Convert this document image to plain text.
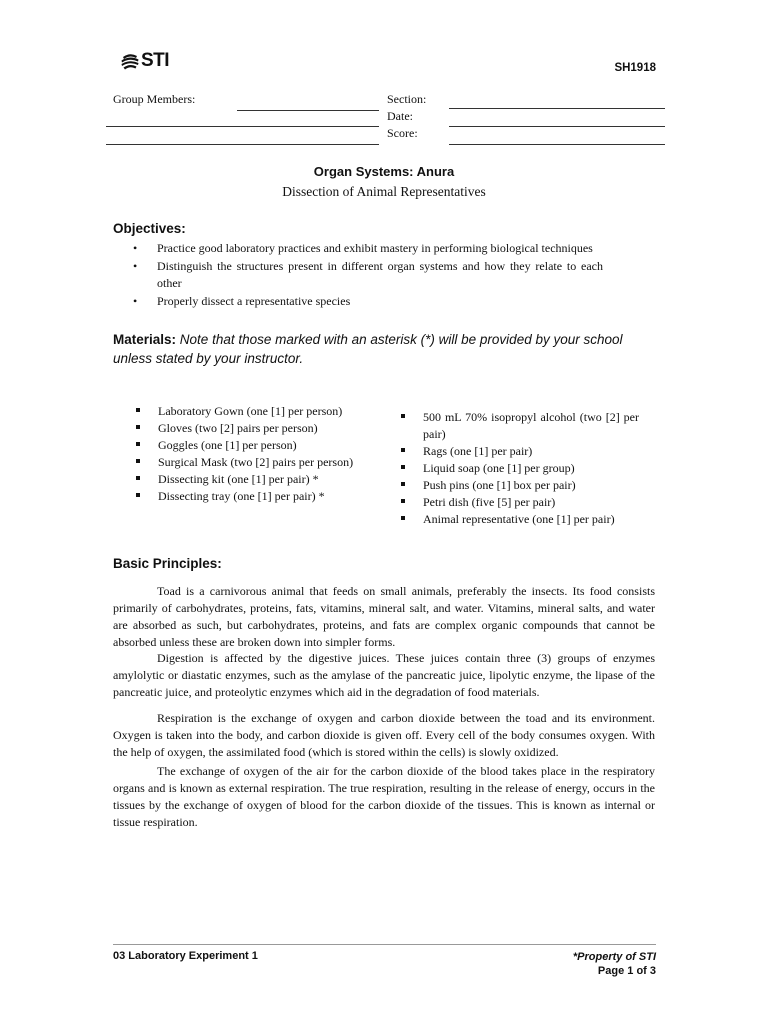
STI	SH1918
Group Members:	Section:
Date:
Score:
Organ Systems: Anura
Dissection of Animal Representatives
Objectives:
• Practice good laboratory practices and exhibit mastery in performing biological techniques
• Distinguish the structures present in different organ systems and how they relate to each other
• Properly dissect a representative species
Materials: Note that those marked with an asterisk (*) will be provided by your school unless stated by your instructor.
Laboratory Gown (one [1] per person)
Gloves (two [2] pairs per person)
Goggles (one [1] per person)
Surgical Mask (two [2] pairs per person)
Dissecting kit (one [1] per pair) *
Dissecting tray (one [1] per pair) *
500 mL 70% isopropyl alcohol (two [2] per pair)
Rags (one [1] per pair)
Liquid soap (one [1] per group)
Push pins (one [1] box per pair)
Petri dish (five [5] per pair)
Animal representative (one [1] per pair)
Basic Principles:

Toad is a carnivorous animal that feeds on small animals, preferably the insects. Its food consists primarily of carbohydrates, proteins, fats, vitamins, mineral salt, and water. Vitamins, mineral salts, and water are absorbed as such, but carbohydrates, proteins, and fats are complex organic compounds that cannot be absorbed unless these are broken down into simpler forms.

Digestion is affected by the digestive juices. These juices contain three (3) groups of enzymes amylolytic or diastatic enzymes, such as the amylase of the pancreatic juice, lipolytic enzyme, the lipase of the pancreatic juice, and proteolytic enzymes which aid in the degradation of food materials.

Respiration is the exchange of oxygen and carbon dioxide between the toad and its environment. Oxygen is taken into the body, and carbon dioxide is given off. Every cell of the body consumes oxygen. With the help of oxygen, the assimilated food (which is stored within the cells) is slowly oxidized.

The exchange of oxygen of the air for the carbon dioxide of the blood takes place in the respiratory organs and is known as external respiration. The true respiration, resulting in the release of energy, occurs in the tissues by the exchange of oxygen of blood for the carbon dioxide of the tissues. This is known as internal or tissue respiration.

03 Laboratory Experiment 1	*Property of STI
Page 1 of 3
